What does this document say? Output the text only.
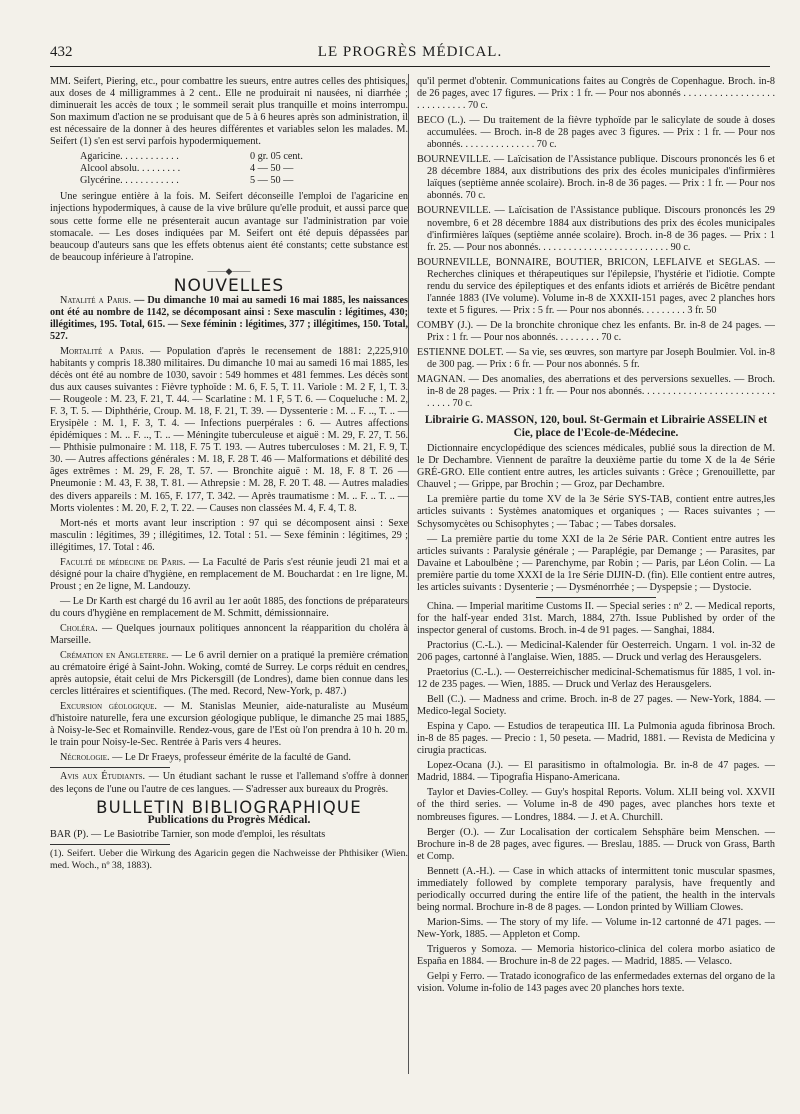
432	LE PROGRÈS MÉDICAL.

MM. Seifert, Piering, etc., pour combattre les sueurs, entre autres celles des phtisiques, aux doses de 4 milligrammes à 2 cent.. Elle ne produirait ni nausées, ni diarrhée ; diminuerait les accès de toux ; le sommeil serait plus tranquille et moins interrompu. Son maximum d'action ne se produisant que de 5 à 6 heures après son administration, il est nécessaire de la donner à des heures différentes et variables selon les malades. M. Seifert (1) s'en est servi parfois hypodermiquement.

Agaricine. . . . . . . . . . . .	0 gr. 05 cent.
Alcool absolu. . . . . . . . .	4 — 50 —
Glycérine. . . . . . . . . . . .	5 — 50 —

Une seringue entière à la fois. M. Seifert déconseille l'emploi de l'agaricine en injections hypodermiques, à cause de la vive brûlure qu'elle produit, et aussi parce que sous cette forme elle ne présenterait aucun avantage sur l'administration par voie stomacale. — Les doses indiquées par M. Seifert ont été depuis dépassées par beaucoup d'auteurs sans que les effets obtenus aient été constants; cette substance est de beaucoup inférieure à l'atropine.

——◆——
NOUVELLES

Natalité a Paris. — Du dimanche 10 mai au samedi 16 mai 1885, les naissances ont été au nombre de 1142, se décomposant ainsi : Sexe masculin : légitimes, 430; illégitimes, 195. Total, 615. — Sexe féminin : légitimes, 377 ; illégitimes, 150. Total, 527.

Mortalité a Paris. — Population d'après le recensement de 1881: 2,225,910 habitants y compris 18.380 militaires. Du dimanche 10 mai au samedi 16 mai 1885, les décès ont été au nombre de 1030, savoir : 549 hommes et 481 femmes. Les décès sont dus aux causes suivantes : Fièvre typhoïde : M. 6, F. 5, T. 11. Variole : M. 2 F, 1, T. 3. — Rougeole : M. 23, F. 21, T. 44. — Scarlatine : M. 1 F, 5 T. 6. — Coqueluche : M. 2, F. 3, T. 5. — Diphthérie, Croup. M. 18, F. 21, T. 39. — Dyssenterie : M. .. F. .., T. .. — Erysipèle : M. 1, F. 3, T. 4. — Infections puerpérales : 6. — Autres affections épidémiques : M. .. F. .., T. .. — Méningite tuberculeuse et aiguë : M. 29, F. 27, T. 56. — Phthisie pulmonaire : M. 118, F. 75 T. 193. — Autres tuberculoses : M. 21, F. 9, T. 30. — Autres affections générales : M. 18, F. 28 T. 46 — Malformations et débilité des âges extrêmes : M. 29, F. 28, T. 57. — Bronchite aiguë : M. 18, F. 8 T. 26 — Pneumonie : M. 43, F. 38, T. 81. — Athrepsie : M. 28, F. 20 T. 48. — Autres maladies des divers appareils : M. 165, F. 177, T. 342. — Après traumatisme : M. .. F. .. T. .. — Morts violentes : M. 20, F. 2, T. 22. — Causes non classées M. 4, F. 4, T. 8.

Mort-nés et morts avant leur inscription : 97 qui se décomposent ainsi : Sexe masculin : légitimes, 39 ; illégitimes, 12. Total : 51. — Sexe féminin : légitimes, 29 ; illégitimes, 17. Total : 46.

Faculté de médecine de Paris. — La Faculté de Paris s'est réunie jeudi 21 mai et a désigné pour la chaire d'hygiène, en remplacement de M. Bouchardat : en 1re ligne, M. Proust ; en 2e ligne, M. Landouzy.

— Le Dr Karth est chargé du 16 avril au 1er août 1885, des fonctions de préparateurs du cours d'hygiène en remplacement de M. Schmitt, démissionnaire.

Choléra. — Quelques journaux politiques annoncent la réapparition du choléra à Marseille.

Crémation en Angleterre. — Le 6 avril dernier on a pratiqué la première crémation au crématoire érigé à Saint-John. Woking, comté de Surrey. Le corps réduit en cendres, après autopsie, était celui de Mrs Pickersgill (de Londres), dame bien connue dans les cercles littéraires et scientifiques. (The med. Record, New-York, p. 487.)

Excursion géologique. — M. Stanislas Meunier, aide-naturaliste au Muséum d'histoire naturelle, fera une excursion géologique publique, le dimanche 25 mai 1885, à Noisy-le-Sec et Romainville. Rendez-vous, gare de l'Est où l'on prendra à 10 h. 20 m. le train pour Noisy-le-Sec. Rentrée à Paris vers 4 heures.

Nécrologie. — Le Dr Fraeys, professeur émérite de la faculté de Gand.

Avis aux Étudiants. — Un étudiant sachant le russe et l'allemand s'offre à donner des leçons de l'une ou l'autre de ces langues. — S'adresser aux bureaux du Progrès.

BULLETIN BIBLIOGRAPHIQUE
Publications du Progrès Médical.

BAR (P). — Le Basiotribe Tarnier, son mode d'emploi, les résultats

(1). Seifert. Ueber die Wirkung des Agaricin gegen die Nachweisse der Phthisiker (Wien. med. Woch., nº 38, 1883).

qu'il permet d'obtenir. Communications faites au Congrès de Copenhague. Broch. in-8 de 26 pages, avec 17 figures. — Prix : 1 fr. — Pour nos abonnés . . . . . . . . . . . . . . . . . . . . . . . . . . . . 70 c.

BECO (L.). — Du traitement de la fièvre typhoïde par le salicylate de soude à doses accumulées. — Broch. in-8 de 28 pages avec 3 figures. — Prix : 1 fr. — Pour nos abonnés. . . . . . . . . . . . . . . 70 c.

BOURNEVILLE. — Laïcisation de l'Assistance publique. Discours prononcés les 6 et 28 décembre 1884, aux distributions des prix des écoles municipales d'infirmières laïques (septième année scolaire). Broch. in-8 de 36 pages. — Prix : 1 fr. — Pour nos abonnés. 70 c.

BOURNEVILLE. — Laïcisation de l'Assistance publique. Discours prononcés les 29 novembre, 6 et 28 décembre 1884 aux distributions des prix des écoles municipales d'infirmières laïques (septième année scolaire). Broch. in-8 de 36 pages. — Prix : 1 fr. 25. — Pour nos abonnés. . . . . . . . . . . . . . . . . . . . . . . . . . 90 c.

BOURNEVILLE, BONNAIRE, BOUTIER, BRICON, LEFLAIVE et SEGLAS. — Recherches cliniques et thérapeutiques sur l'épilepsie, l'hystérie et l'idiotie. Compte rendu du service des épileptiques et des enfants idiots et arriérés de Bicêtre pendant l'année 1883 (IVe volume). Volume in-8 de XXXII-151 pages, avec 2 planches hors texte et 5 figures. — Prix : 5 fr. — Pour nos abonnés. . . . . . . . . 3 fr. 50

COMBY (J.). — De la bronchite chronique chez les enfants. Br. in-8 de 24 pages. — Prix : 1 fr. — Pour nos abonnés. . . . . . . . . 70 c.

ESTIENNE DOLET. — Sa vie, ses œuvres, son martyre par Joseph Boulmier. Vol. in-8 de 300 pag. — Prix : 6 fr. — Pour nos abonnés. 5 fr.

MAGNAN. — Des anomalies, des aberrations et des perversions sexuelles. — Broch. in-8 de 28 pages. — Prix : 1 fr. — Pour nos abonnés. . . . . . . . . . . . . . . . . . . . . . . . . . . . . . . 70 c.

Librairie G. MASSON, 120, boul. St-Germain et Librairie ASSELIN et Cie, place de l'Ecole-de-Médecine.

Dictionnaire encyclopédique des sciences médicales, publié sous la direction de M. le Dr Dechambre. Viennent de paraître la deuxième partie du tome X de la 4e Série GRÉ-GRO. Elle contient entre autres, les articles suivants : Grèce ; Grenouillette, par Chauvel ; — Grippe, par Brochin ; — Groz, par Dechambre.

La première partie du tome XV de la 3e Série SYS-TAB, contient entre autres,les articles suivants : Systèmes anatomiques et organiques ; — Races suivantes ; — Schysomycètes ou Schisophytes ; — Tabac ; — Tabes dorsales.

— La première partie du tome XXI de la 2e Série PAR. Contient entre autres les articles suivants : Paralysie générale ; — Paraplégie, par Demange ; — Parasites, par Davaine et Laboulbène ; — Parenchyme, par Robin ; — Paris, par Léon Colin. — La première partie du tome XXXI de la 1re Série DIJIN-D. (fin). Elle contient entre autres, les articles suivants : Dysenterie ; — Dysménorrhée ; — Dyspepsie ; — Dystocie.

China. — Imperial maritime Customs II. — Special series : nº 2. — Medical reports, for the half-year ended 31st. March, 1884, 27th. Issue Published by order of the inspector general of customs. Broch. in-4 de 91 pages. — Sanghai, 1884.

Practorius (C.-L.). — Medicinal-Kalender für Oesterreich. Ungarn. 1 vol. in-32 de 206 pages, cartonné à l'anglaise. Wien, 1885. — Druck und verlag des Herausgelers.

Praetorius (C.-L.). — Oesterreichischer medicinal-Schematismus für 1885, 1 vol. in-12 de 235 pages. — Wien, 1885. — Druck und Verlaz des Herausgelers.

Bell (C.). — Madness and crime. Broch. in-8 de 27 pages. — New-York, 1884. — Medico-legal Society.

Espina y Capo. — Estudios de terapeutica III. La Pulmonia aguda fibrinosa Broch. in-8 de 85 pages. — Precio : 1, 50 peseta. — Madrid, 1881. — Revista de Medicina y cirugia practicas.

Lopez-Ocana (J.). — El parasitismo in oftalmologia. Br. in-8 de 47 pages. — Madrid, 1884. — Tipografia Hispano-Americana.

Taylor et Davies-Colley. — Guy's hospital Reports. Volum. XLII being vol. XXVII of the third series. — Volume in-8 de 490 pages, avec planches hors texte et nombreuses figures. — Londres, 1884. — J. et A. Churchill.

Berger (O.). — Zur Localisation der corticalem Sehsphäre beim Menschen. — Brochure in-8 de 28 pages, avec figures. — Breslau, 1885. — Druck von Grass, Barth et Comp.

Bennett (A.-H.). — Case in which attacks of intermittent tonic muscular spasmes, immediately followed by complete temporary paralysis, have frequently and periodically occurred during the entire life of the patient, the health in the intervals being normal. Brochure in-8 de 8 pages. — London printed by William Clowes.

Marion-Sims. — The story of my life. — Volume in-12 cartonné de 471 pages. — New-York, 1885. — Appleton et Comp.

Trigueros y Somoza. — Memoria historico-clinica del colera morbo asiatico de España en 1884. — Brochure in-8 de 22 pages. — Madrid, 1885. — Velasco.

Gelpi y Ferro. — Tratado iconografico de las enfermedades externas del organo de la vision. Volume in-folio de 143 pages avec 20 planches hors texte.
